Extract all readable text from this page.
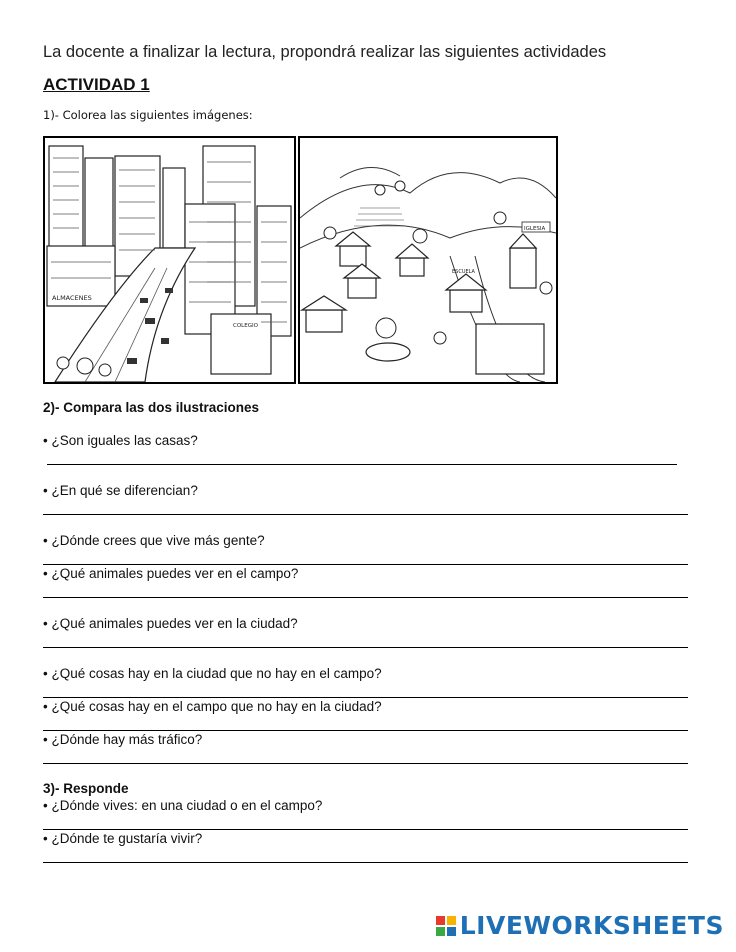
La docente a finalizar la lectura, propondrá realizar las siguientes actividades
ACTIVIDAD 1
1)- Colorea las siguientes imágenes:
ALMACENES
COLEGIO
IGLESIA
ESCUELA
2)- Compara las dos ilustraciones
• ¿Son iguales las casas?
• ¿En qué se diferencian?
• ¿Dónde crees que vive más gente?
• ¿Qué animales puedes ver en el campo?
• ¿Qué animales puedes ver en la ciudad?
• ¿Qué cosas hay en la ciudad que no hay en el campo?
• ¿Qué cosas hay en el campo que no hay en la ciudad?
• ¿Dónde hay más tráfico?
3)- Responde
• ¿Dónde vives: en una ciudad o en el campo?
• ¿Dónde te gustaría vivir?
LIVEWORKSHEETS
